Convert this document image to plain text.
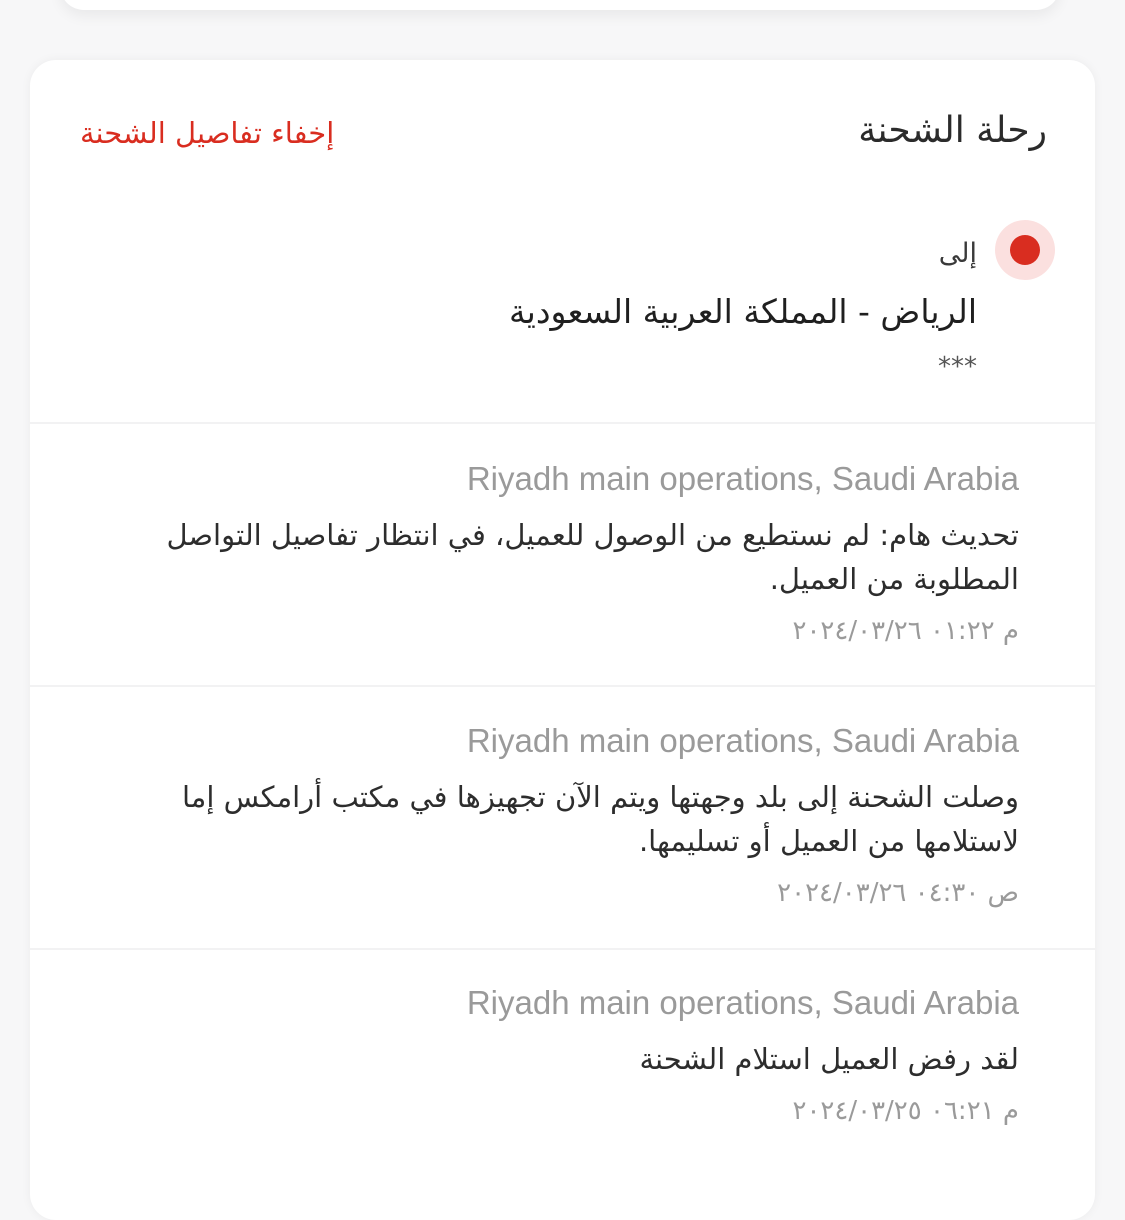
رحلة الشحنة
إخفاء تفاصيل الشحنة
إلى
الرياض - المملكة العربية السعودية
***
Riyadh main operations, Saudi Arabia
تحديث هام: لم نستطيع من الوصول للعميل، في انتظار تفاصيل التواصل المطلوبة من العميل.
م ٠١:٢٢ ٢٠٢٤/٠٣/٢٦
Riyadh main operations, Saudi Arabia
وصلت الشحنة إلى بلد وجهتها ويتم الآن تجهيزها في مكتب أرامكس إما لاستلامها من العميل أو تسليمها.
ص ٠٤:٣٠ ٢٠٢٤/٠٣/٢٦
Riyadh main operations, Saudi Arabia
لقد رفض العميل استلام الشحنة
م ٠٦:٢١ ٢٠٢٤/٠٣/٢٥
